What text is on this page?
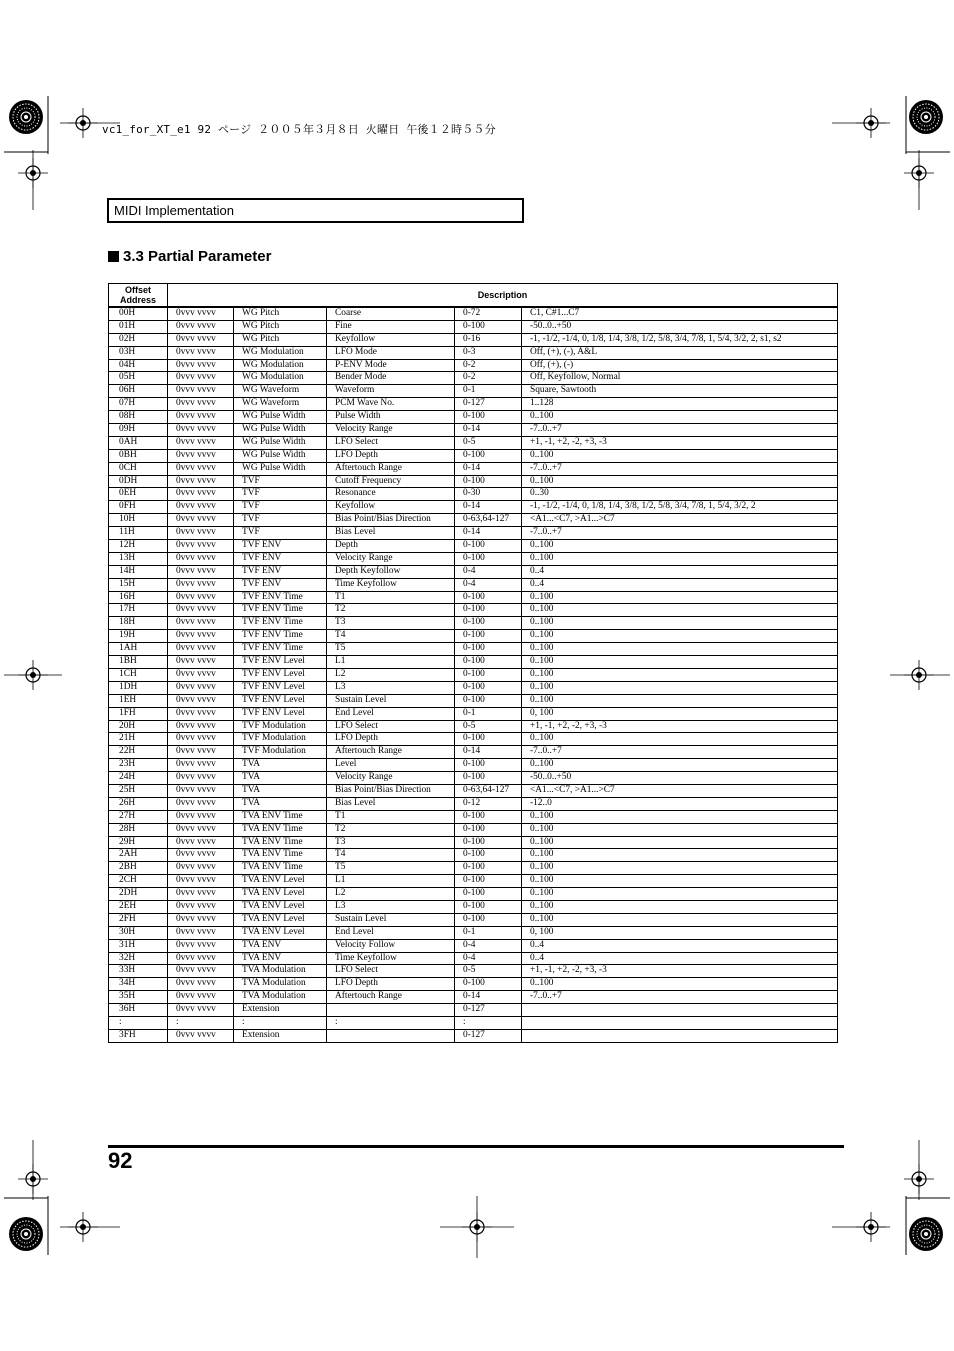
vc1_for_XT_e1 92 ページ ２００５年３月８日 火曜日 午後１２時５５分
MIDI Implementation
3.3 Partial Parameter
Offset
Address	Description				
00H	0vvv vvvv	WG Pitch	Coarse	0-72	C1, C#1...C7
01H	0vvv vvvv	WG Pitch	Fine	0-100	-50..0..+50
02H	0vvv vvvv	WG Pitch	Keyfollow	0-16	-1, -1/2, -1/4, 0, 1/8, 1/4, 3/8, 1/2, 5/8, 3/4, 7/8, 1, 5/4, 3/2, 2, s1, s2
03H	0vvv vvvv	WG Modulation	LFO Mode	0-3	Off, (+), (-), A&L
04H	0vvv vvvv	WG Modulation	P-ENV Mode	0-2	Off, (+), (-)
05H	0vvv vvvv	WG Modulation	Bender Mode	0-2	Off, Keyfollow, Normal
06H	0vvv vvvv	WG Waveform	Waveform	0-1	Square, Sawtooth
07H	0vvv vvvv	WG Waveform	PCM Wave No.	0-127	1..128
08H	0vvv vvvv	WG Pulse Width	Pulse Width	0-100	0..100
09H	0vvv vvvv	WG Pulse Width	Velocity Range	0-14	-7..0..+7
0AH	0vvv vvvv	WG Pulse Width	LFO Select	0-5	+1, -1, +2, -2, +3, -3
0BH	0vvv vvvv	WG Pulse Width	LFO Depth	0-100	0..100
0CH	0vvv vvvv	WG Pulse Width	Aftertouch Range	0-14	-7..0..+7
0DH	0vvv vvvv	TVF	Cutoff Frequency	0-100	0..100
0EH	0vvv vvvv	TVF	Resonance	0-30	0..30
0FH	0vvv vvvv	TVF	Keyfollow	0-14	-1, -1/2, -1/4, 0, 1/8, 1/4, 3/8, 1/2, 5/8, 3/4, 7/8, 1, 5/4, 3/2, 2
10H	0vvv vvvv	TVF	Bias Point/Bias Direction	0-63,64-127	<A1...<C7, >A1...>C7
11H	0vvv vvvv	TVF	Bias Level	0-14	-7..0..+7
12H	0vvv vvvv	TVF ENV	Depth	0-100	0..100
13H	0vvv vvvv	TVF ENV	Velocity Range	0-100	0..100
14H	0vvv vvvv	TVF ENV	Depth Keyfollow	0-4	0..4
15H	0vvv vvvv	TVF ENV	Time Keyfollow	0-4	0..4
16H	0vvv vvvv	TVF ENV Time	T1	0-100	0..100
17H	0vvv vvvv	TVF ENV Time	T2	0-100	0..100
18H	0vvv vvvv	TVF ENV Time	T3	0-100	0..100
19H	0vvv vvvv	TVF ENV Time	T4	0-100	0..100
1AH	0vvv vvvv	TVF ENV Time	T5	0-100	0..100
1BH	0vvv vvvv	TVF ENV Level	L1	0-100	0..100
1CH	0vvv vvvv	TVF ENV Level	L2	0-100	0..100
1DH	0vvv vvvv	TVF ENV Level	L3	0-100	0..100
1EH	0vvv vvvv	TVF ENV Level	Sustain Level	0-100	0..100
1FH	0vvv vvvv	TVF ENV Level	End Level	0-1	0, 100
20H	0vvv vvvv	TVF Modulation	LFO Select	0-5	+1, -1, +2, -2, +3, -3
21H	0vvv vvvv	TVF Modulation	LFO Depth	0-100	0..100
22H	0vvv vvvv	TVF Modulation	Aftertouch Range	0-14	-7..0..+7
23H	0vvv vvvv	TVA	Level	0-100	0..100
24H	0vvv vvvv	TVA	Velocity Range	0-100	-50..0..+50
25H	0vvv vvvv	TVA	Bias Point/Bias Direction	0-63,64-127	<A1...<C7, >A1...>C7
26H	0vvv vvvv	TVA	Bias Level	0-12	-12..0
27H	0vvv vvvv	TVA ENV Time	T1	0-100	0..100
28H	0vvv vvvv	TVA ENV Time	T2	0-100	0..100
29H	0vvv vvvv	TVA ENV Time	T3	0-100	0..100
2AH	0vvv vvvv	TVA ENV Time	T4	0-100	0..100
2BH	0vvv vvvv	TVA ENV Time	T5	0-100	0..100
2CH	0vvv vvvv	TVA ENV Level	L1	0-100	0..100
2DH	0vvv vvvv	TVA ENV Level	L2	0-100	0..100
2EH	0vvv vvvv	TVA ENV Level	L3	0-100	0..100
2FH	0vvv vvvv	TVA ENV Level	Sustain Level	0-100	0..100
30H	0vvv vvvv	TVA ENV Level	End Level	0-1	0, 100
31H	0vvv vvvv	TVA ENV	Velocity Follow	0-4	0..4
32H	0vvv vvvv	TVA ENV	Time Keyfollow	0-4	0..4
33H	0vvv vvvv	TVA Modulation	LFO Select	0-5	+1, -1, +2, -2, +3, -3
34H	0vvv vvvv	TVA Modulation	LFO Depth	0-100	0..100
35H	0vvv vvvv	TVA Modulation	Aftertouch Range	0-14	-7..0..+7
36H	0vvv vvvv	Extension		0-127	
:	:	:	:	:	
3FH	0vvv vvvv	Extension		0-127	
92
